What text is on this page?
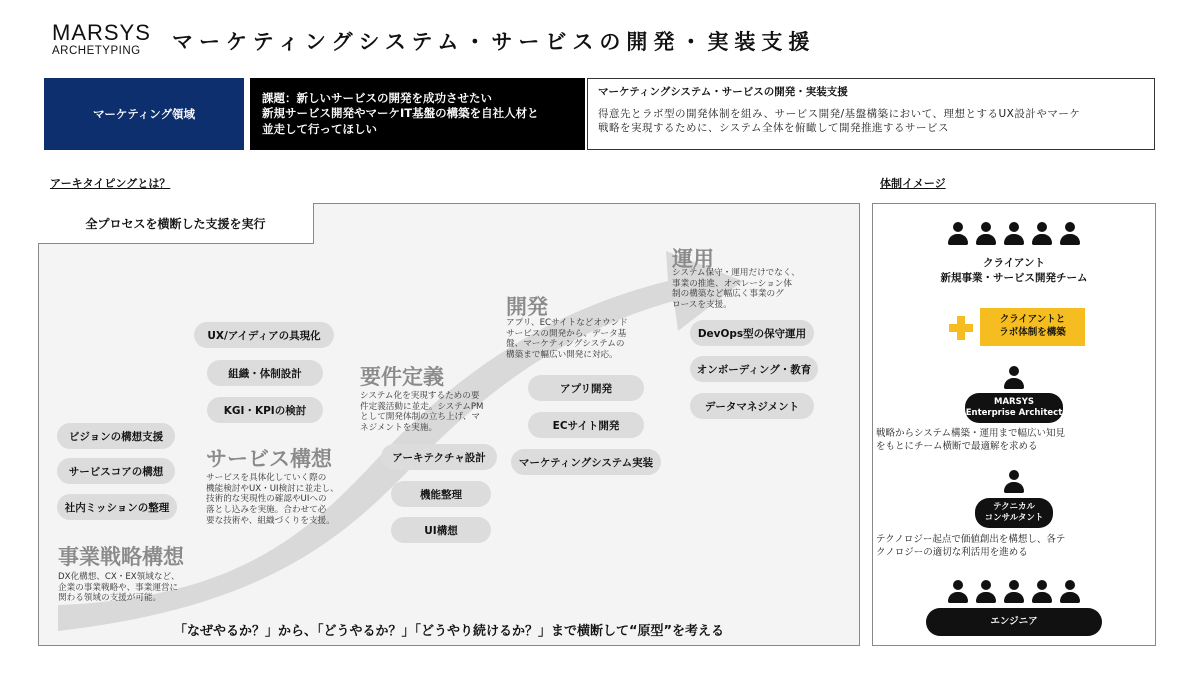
MARSYS
ARCHETYPING	マーケティングシステム・サービスの開発・実装支援
マーケティング領域
課題：新しいサービスの開発を成功させたい
新規サービス開発やマーケIT基盤の構築を自社人材と
並走して行ってほしい
マーケティングシステム・サービスの開発・実装支援
得意先とラボ型の開発体制を組み、サービス開発/基盤構築において、理想とするUX設計やマーケ
戦略を実現するために、システム全体を俯瞰して開発推進するサービス
アーキタイピングとは？	体制イメージ
全プロセスを横断した支援を実行
ビジョンの構想支援
サービスコアの構想
社内ミッションの整理
事業戦略構想
DX化構想、CX・EX領域など、
企業の事業戦略や、事業運営に
関わる領域の支援が可能。
UX/アイディアの具現化
組織・体制設計
KGI・KPIの検討
サービス構想
サービスを具体化していく際の
機能検討やUX・UI検討に並走し、
技術的な実現性の確認やUIへの
落とし込みを実施。合わせて必
要な技術や、組織づくりを支援。
要件定義
システム化を実現するための要
件定義活動に並走。システムPM
として開発体制の立ち上げ、マ
ネジメントを実施。
アーキテクチャ設計
機能整理
UI構想
開発
アプリ、ECサイトなどオウンド
サービスの開発から、データ基
盤、マーケティングシステムの
構築まで幅広い開発に対応。
アプリ開発
ECサイト開発
マーケティングシステム実装
運用
システム保守・運用だけでなく、
事業の推進、オペレーション体
制の構築など幅広く事業のグ
ロースを支援。
DevOps型の保守運用
オンボーディング・教育
データマネジメント
「なぜやるか？」から、「どうやるか？」「どうやり続けるか？」まで横断して“原型”を考える
クライアント
新規事業・サービス開発チーム
クライアントと
ラボ体制を構築
MARSYS
Enterprise Architect
戦略からシステム構築・運用まで幅広い知見
をもとにチーム横断で最適解を求める
テクニカル
コンサルタント
テクノロジー起点で価値創出を構想し、各テ
クノロジーの適切な利活用を進める
エンジニア
